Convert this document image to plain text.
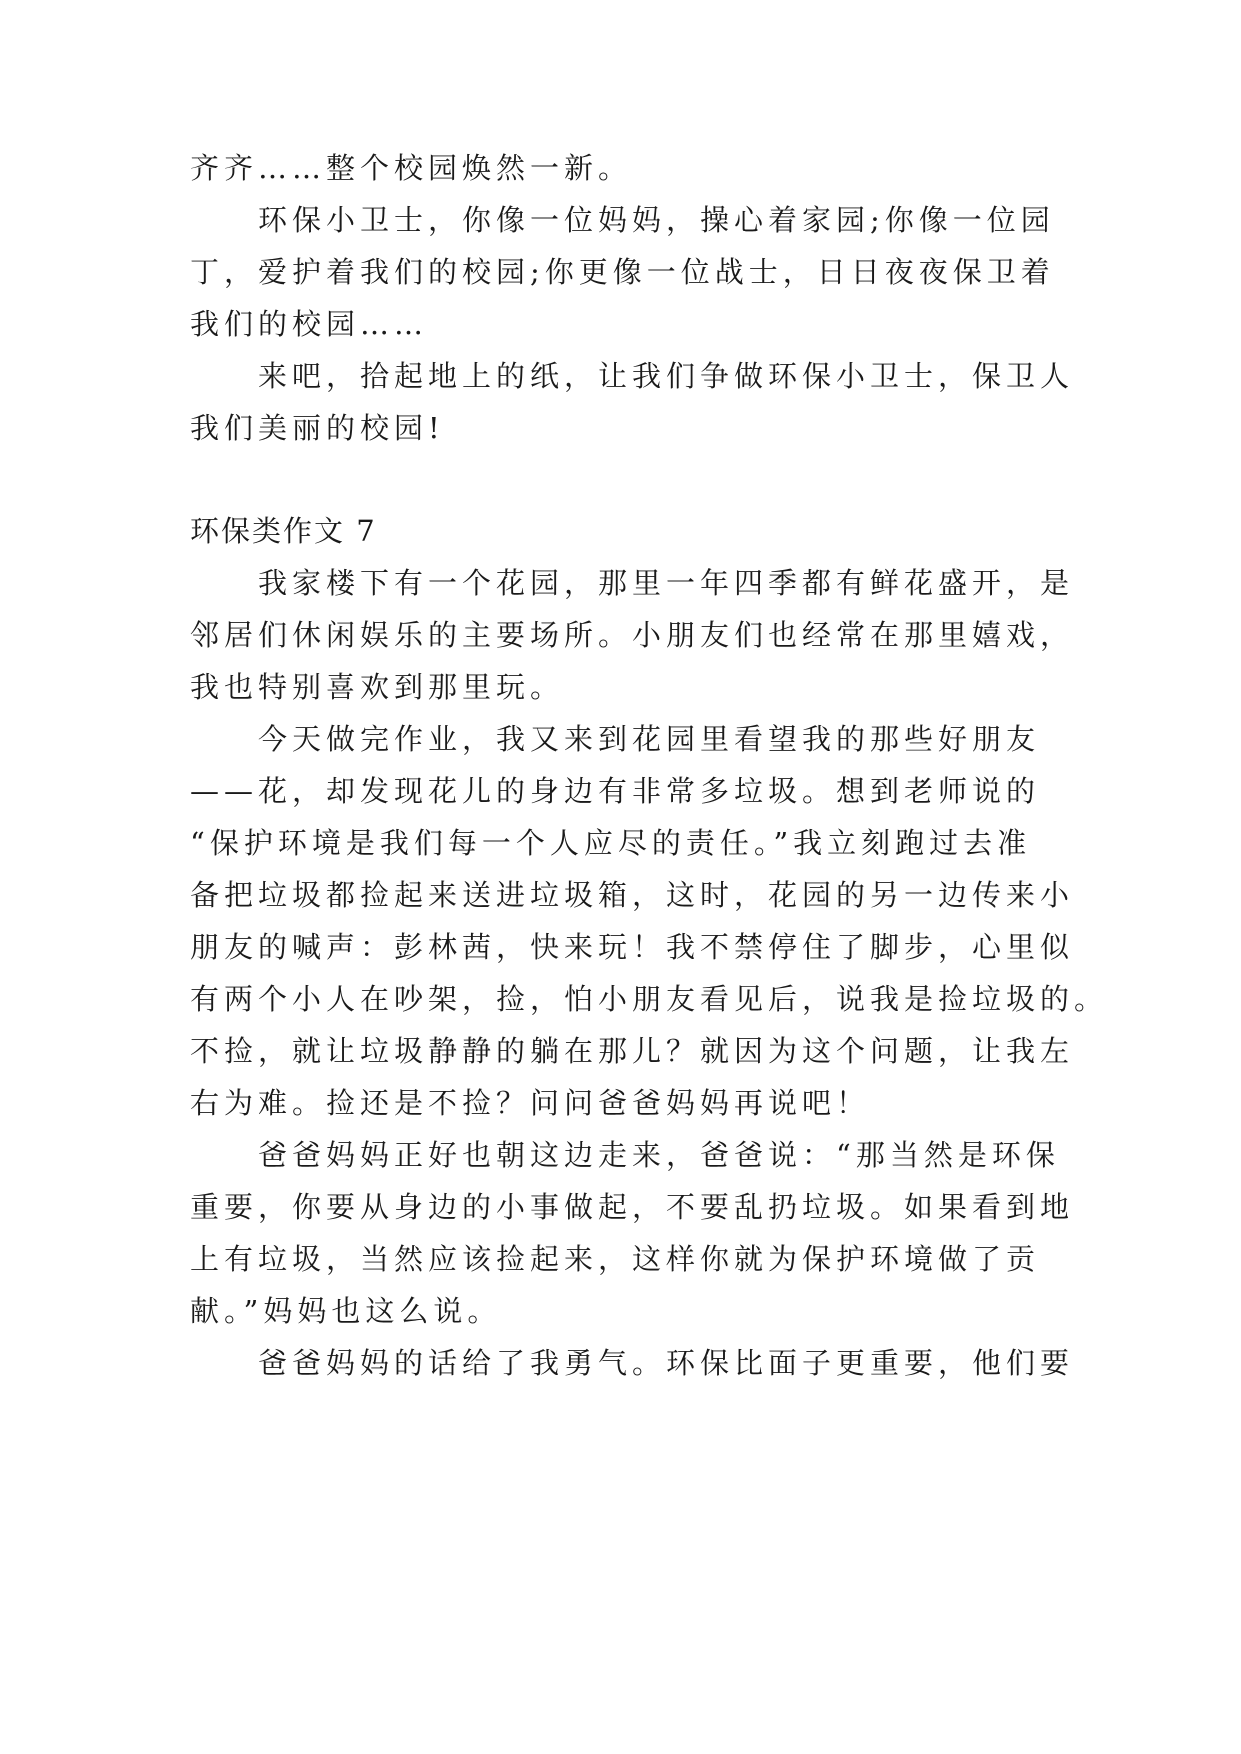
齐齐……整个校园焕然一新。
环保小卫士，你像一位妈妈，操心着家园;你像一位园
丁，爱护着我们的校园;你更像一位战士，日日夜夜保卫着
我们的校园……
来吧，拾起地上的纸，让我们争做环保小卫士，保卫人
我们美丽的校园!
环保类作文 7
我家楼下有一个花园，那里一年四季都有鲜花盛开，是
邻居们休闲娱乐的主要场所。小朋友们也经常在那里嬉戏，
我也特别喜欢到那里玩。
今天做完作业，我又来到花园里看望我的那些好朋友
——花，却发现花儿的身边有非常多垃圾。想到老师说的
“保护环境是我们每一个人应尽的责任。”我立刻跑过去准
备把垃圾都捡起来送进垃圾箱，这时，花园的另一边传来小
朋友的喊声：彭林茜，快来玩！我不禁停住了脚步，心里似
有两个小人在吵架，捡，怕小朋友看见后，说我是捡垃圾的。
不捡，就让垃圾静静的躺在那儿？就因为这个问题，让我左
右为难。捡还是不捡？问问爸爸妈妈再说吧！
爸爸妈妈正好也朝这边走来，爸爸说：“那当然是环保
重要，你要从身边的小事做起，不要乱扔垃圾。如果看到地
上有垃圾，当然应该捡起来，这样你就为保护环境做了贡
献。”妈妈也这么说。
爸爸妈妈的话给了我勇气。环保比面子更重要，他们要
